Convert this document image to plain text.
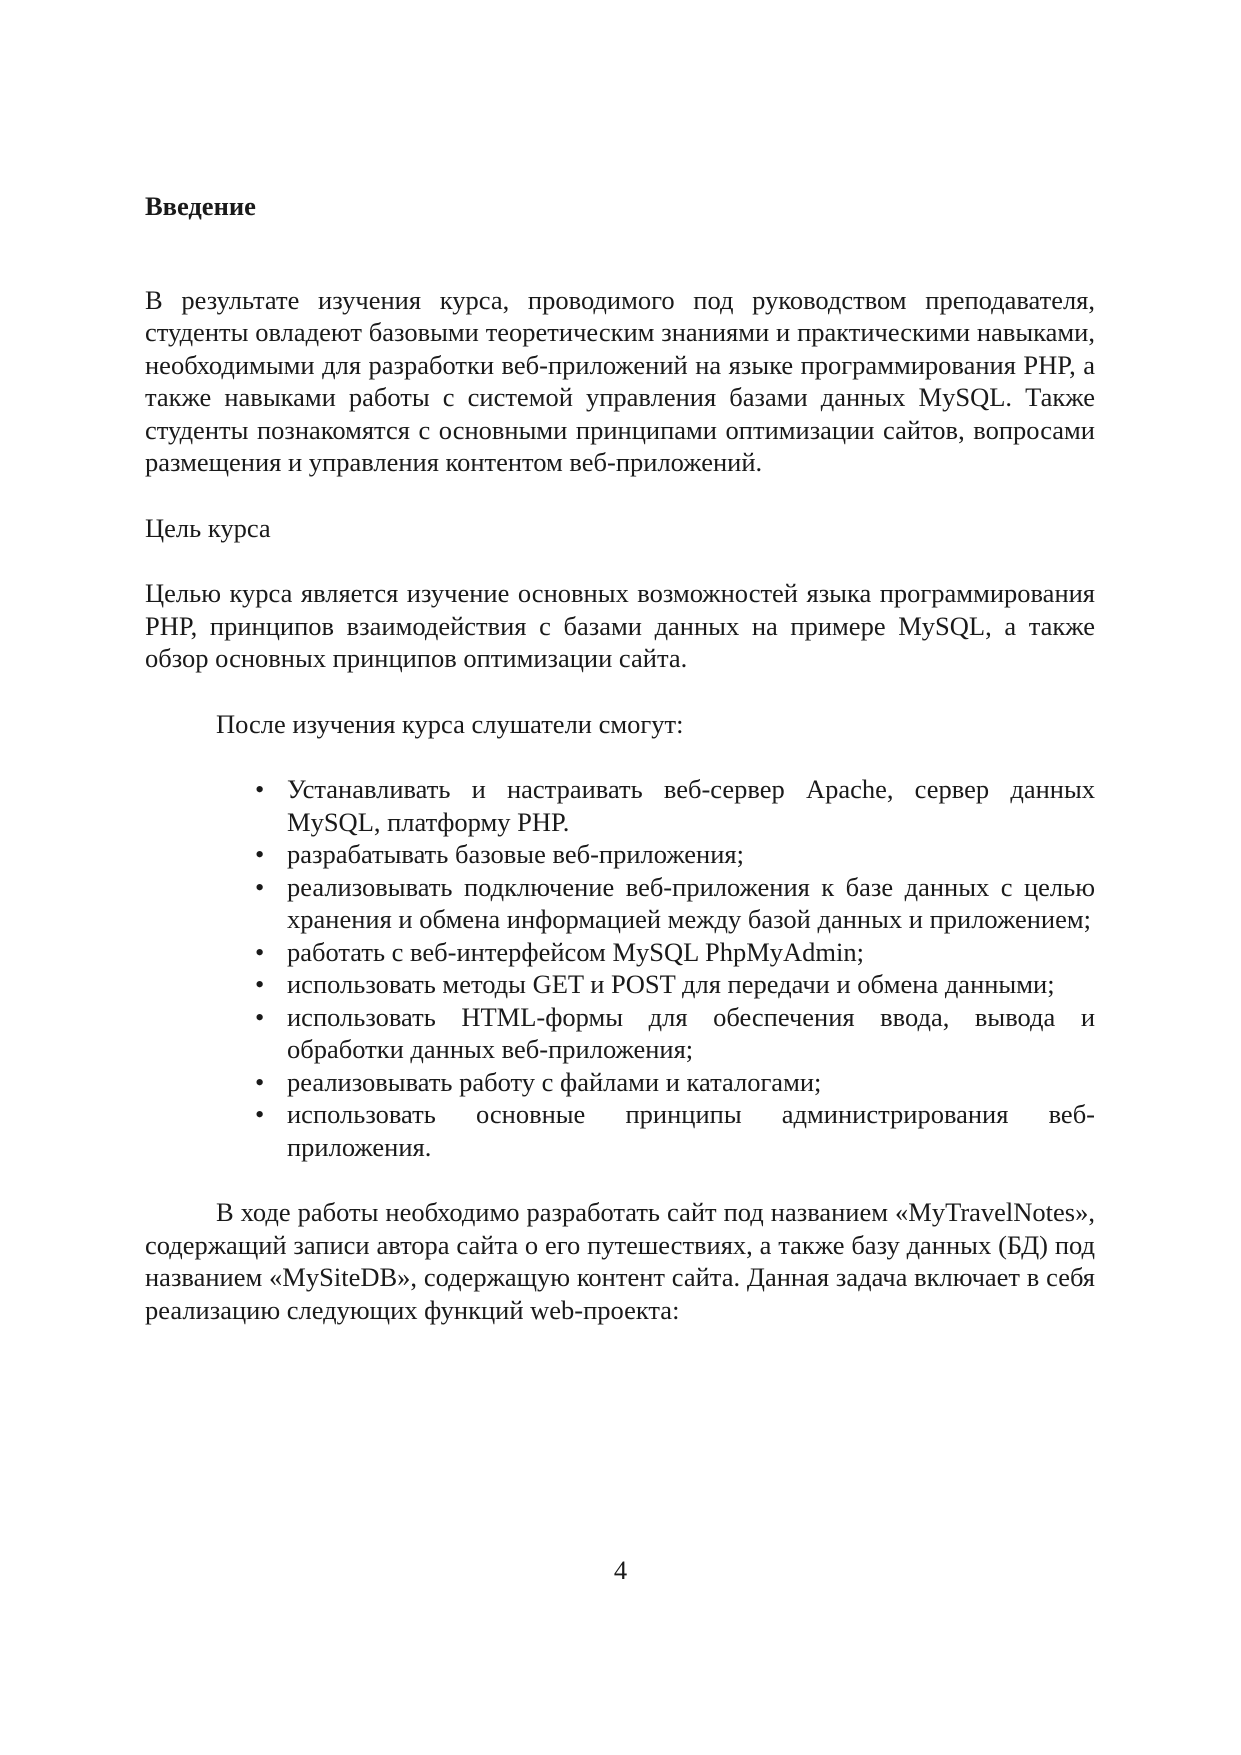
Введение

В результате изучения курса, проводимого под руководством преподавателя, студенты овладеют базовыми теоретическим знаниями и практическими навыками, необходимыми для разработки веб-приложений на языке программирования PHP, а также навыками работы с системой управления базами данных MySQL. Также студенты познакомятся с основными принципами оптимизации сайтов, вопросами размещения и управления контентом веб-приложений.

Цель курса

Целью курса является изучение основных возможностей языка программирования PHP, принципов взаимодействия с базами данных на примере MySQL, а также обзор основных принципов оптимизации сайта.

После изучения курса слушатели смогут:

• Устанавливать и настраивать веб-сервер Apache, сервер данных MySQL, платформу PHP.
• разрабатывать базовые веб-приложения;
• реализовывать подключение веб-приложения к базе данных с целью хранения и обмена информацией между базой данных и приложением;
• работать с веб-интерфейсом MySQL PhpMyAdmin;
• использовать методы GET и POST для передачи и обмена данными;
• использовать HTML-формы для обеспечения ввода, вывода и обработки данных веб-приложения;
• реализовывать работу с файлами и каталогами;
• использовать основные принципы администрирования веб-приложения.

В ходе работы необходимо разработать сайт под названием «MyTravelNotes», содержащий записи автора сайта о его путешествиях, а также базу данных (БД) под названием «MySiteDB», содержащую контент сайта. Данная задача включает в себя реализацию следующих функций web-проекта:

4
